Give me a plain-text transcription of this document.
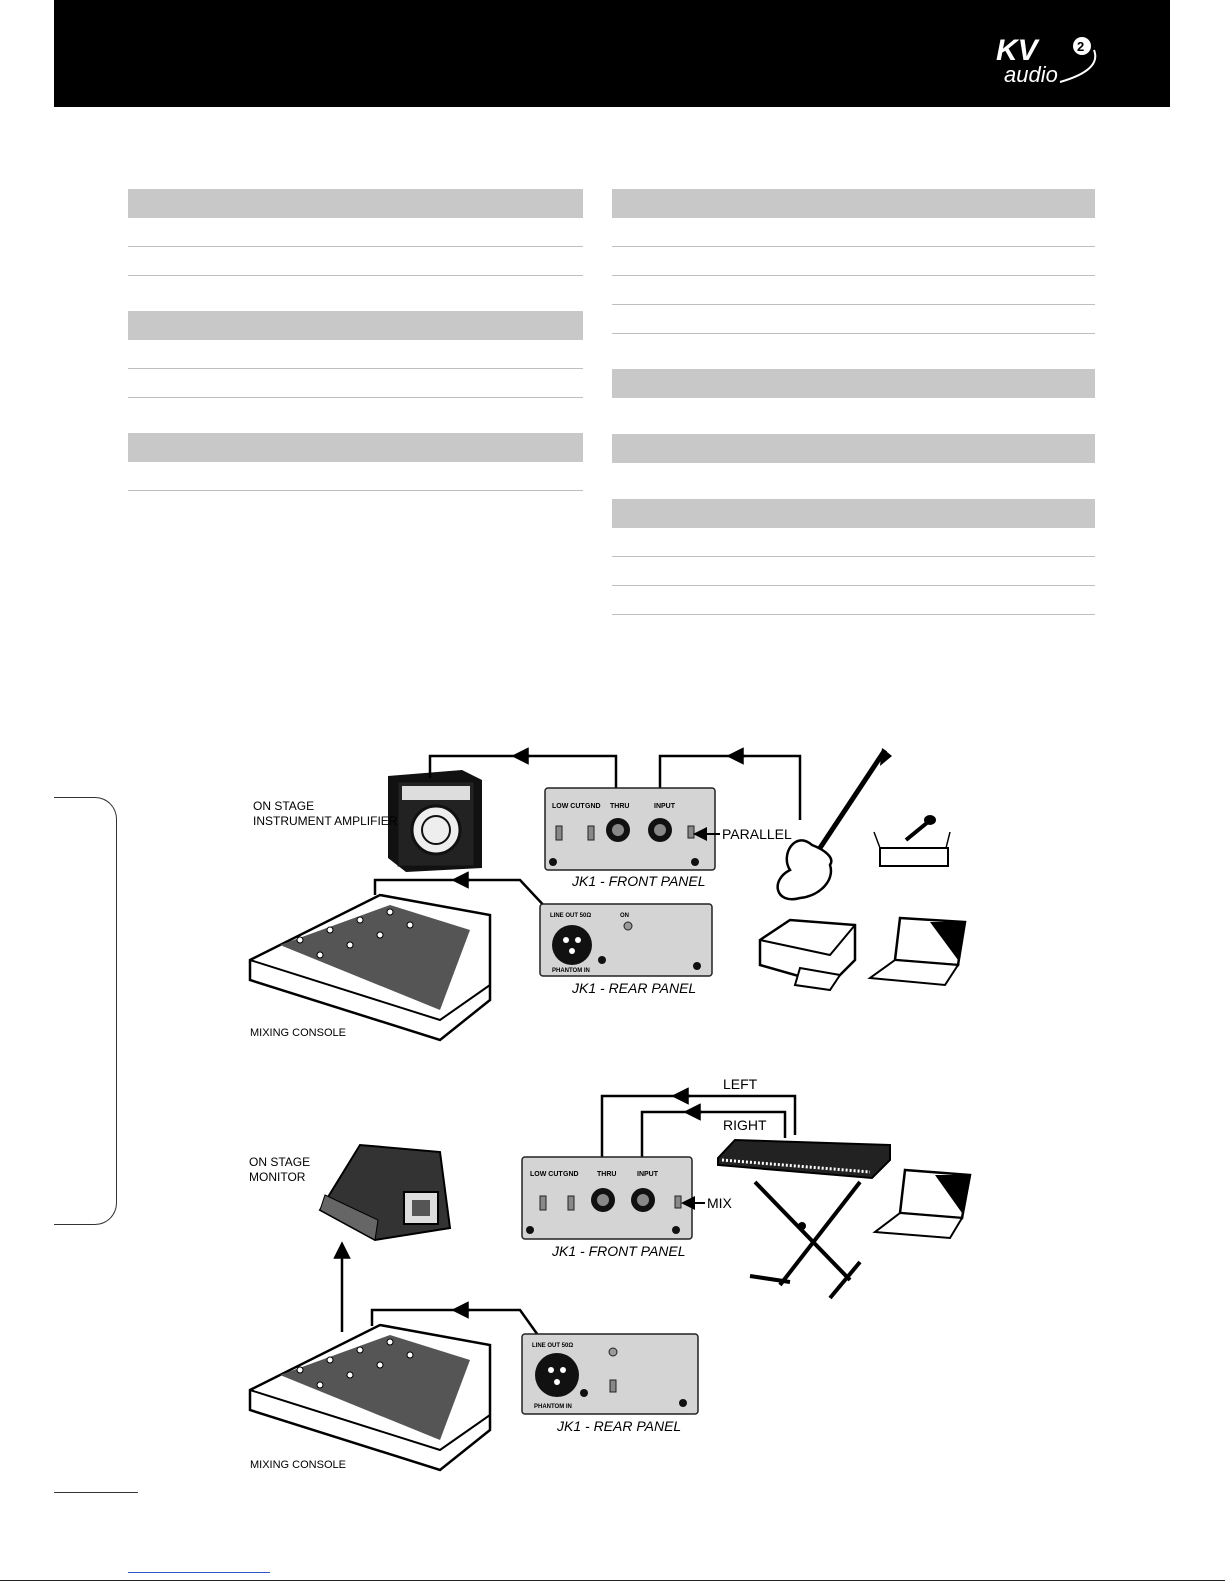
KV
audio
2
ON STAGE
INSTRUMENT AMPLIFIER
LOW CUT GND THRU	INPUT
PARALLEL
JK1 - FRONT PANEL
MIXING CONSOLE
LINE OUT 50Ω	ON
PHANTOM IN
JK1 - REAR PANEL
LEFT
RIGHT
ON STAGE
MONITOR	LOW CUT GND	THRU	INPUT
MIX
JK1 - FRONT PANEL
MIXING CONSOLE
LINE OUT 50Ω
PHANTOM IN
JK1 - REAR PANEL
